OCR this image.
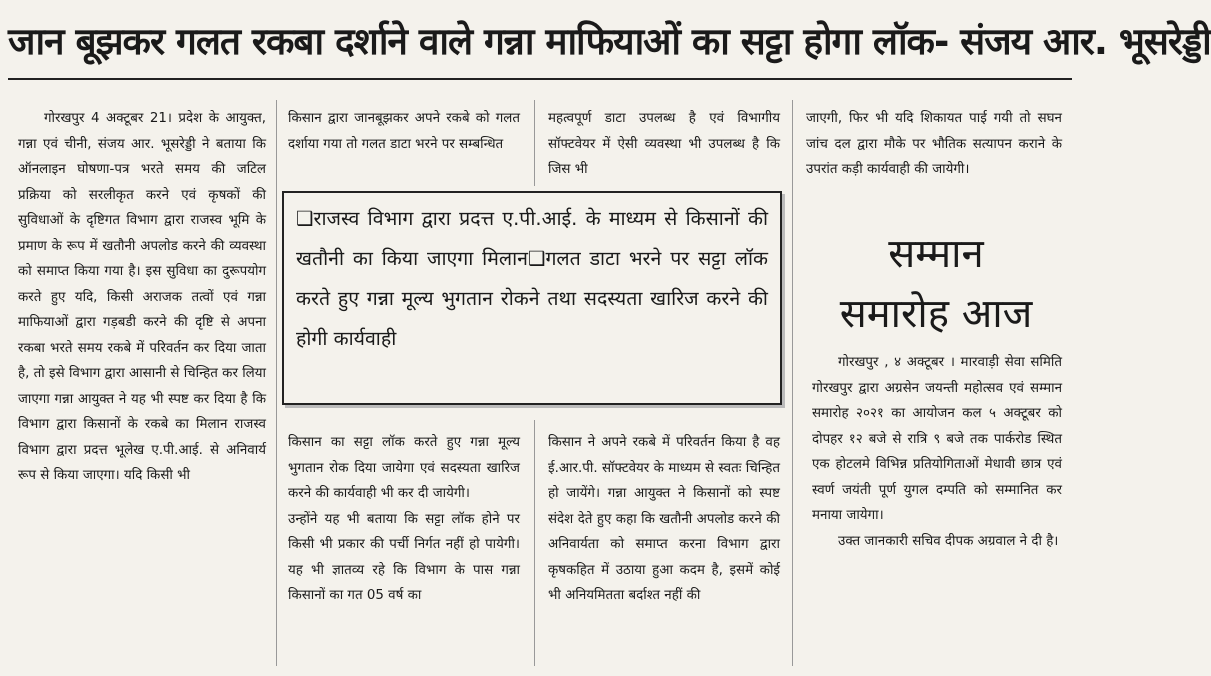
जान बूझकर गलत रकबा दर्शाने वाले गन्ना माफियाओं का सट्टा होगा लॉक- संजय आर. भूसरेड्डी

गोरखपुर 4 अक्टूबर 21। प्रदेश के आयुक्त, गन्ना एवं चीनी, संजय आर. भूसरेड्डी ने बताया कि ऑनलाइन घोषणा-पत्र भरते समय की जटिल प्रक्रिया को सरलीकृत करने एवं कृषकों की सुविधाओं के दृष्टिगत विभाग द्वारा राजस्व भूमि के प्रमाण के रूप में खतौनी अपलोड करने की व्यवस्था को समाप्त किया गया है। इस सुविधा का दुरूपयोग करते हुए यदि, किसी अराजक तत्वों एवं गन्ना माफियाओं द्वारा गड़बडी करने की दृष्टि से अपना रकबा भरते समय रकबे में परिवर्तन कर दिया जाता है, तो इसे विभाग द्वारा आसानी से चिन्हित कर लिया जाएगा गन्ना आयुक्त ने यह भी स्पष्ट कर दिया है कि विभाग द्वारा किसानों के रकबे का मिलान राजस्व विभाग द्वारा प्रदत्त भूलेख ए.पी.आई. से अनिवार्य रूप से किया जाएगा। यदि किसी भी

किसान द्वारा जानबूझकर अपने रकबे को गलत दर्शाया गया तो गलत डाटा भरने पर सम्बन्धित

महत्वपूर्ण डाटा उपलब्ध है एवं विभागीय सॉफ्टवेयर में ऐसी व्यवस्था भी उपलब्ध है कि जिस भी

जाएगी, फिर भी यदि शिकायत पाई गयी तो सघन जांच दल द्वारा मौके पर भौतिक सत्यापन कराने के उपरांत कड़ी कार्यवाही की जायेगी।

❑राजस्व विभाग द्वारा प्रदत्त ए.पी.आई. के माध्यम से किसानों की खतौनी का किया जाएगा मिलान❑गलत डाटा भरने पर सट्टा लॉक करते हुए गन्ना मूल्य भुगतान रोकने तथा सदस्यता खारिज करने की होगी कार्यवाही

किसान का सट्टा लॉक करते हुए गन्ना मूल्य भुगतान रोक दिया जायेगा एवं सदस्यता खारिज करने की कार्यवाही भी कर दी जायेगी।

उन्होंने यह भी बताया कि सट्टा लॉक होने पर किसी भी प्रकार की पर्ची निर्गत नहीं हो पायेगी। यह भी ज्ञातव्य रहे कि विभाग के पास गन्ना किसानों का गत 05 वर्ष का

किसान ने अपने रकबे में परिवर्तन किया है वह ई.आर.पी. सॉफ्टवेयर के माध्यम से स्वतः चिन्हित हो जायेंगे। गन्ना आयुक्त ने किसानों को स्पष्ट संदेश देते हुए कहा कि खतौनी अपलोड करने की अनिवार्यता को समाप्त करना विभाग द्वारा कृषकहित में उठाया हुआ कदम है, इसमें कोई भी अनियमितता बर्दाश्त नहीं की

सम्मान
समारोह आज

गोरखपुर , ४ अक्टूबर । मारवाड़ी सेवा समिति गोरखपुर द्वारा अग्रसेन जयन्ती महोत्सव एवं सम्मान समारोह २०२१ का आयोजन कल ५ अक्टूबर को दोपहर १२ बजे से रात्रि ९ बजे तक पार्करोड स्थित एक होटलमे विभिन्न प्रतियोगिताओं मेधावी छात्र एवं स्वर्ण जयंती पूर्ण युगल दम्पति को सम्मानित कर मनाया जायेगा।

उक्त जानकारी सचिव दीपक अग्रवाल ने दी है।
